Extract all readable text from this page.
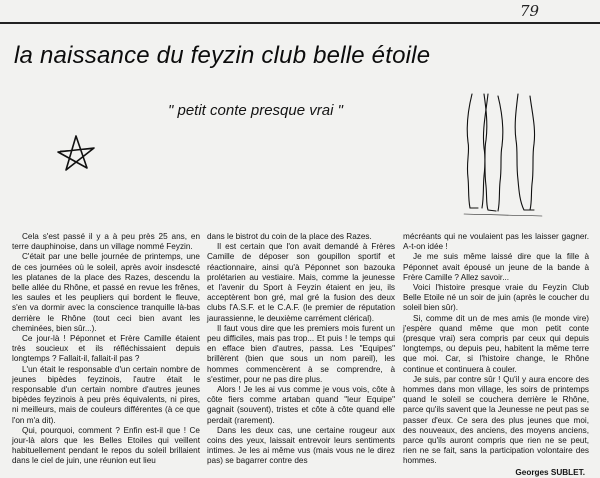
79
la naissance du feyzin club belle étoile
" petit conte presque vrai "

Cela s'est passé il y a à peu près 25 ans, en terre dauphinoise, dans un village nommé Feyzin.

C'était par une belle journée de printemps, une de ces journées où le soleil, après avoir insdescté les platanes de la place des Razes, descendu la belle allée du Rhône, et passé en revue les frênes, les saules et les peupliers qui bordent le fleuve, s'en va dormir avec la conscience tranquille là-bas derrière le Rhône (tout ceci bien avant les cheminées, bien sûr...).

Ce jour-là ! Péponnet et Frère Camille étaient très soucieux et ils réfléchissaient depuis longtemps ? Fallait-il, fallait-il pas ?

L'un était le responsable d'un certain nombre de jeunes bipèdes feyzinois, l'autre était le responsable d'un certain nombre d'autres jeunes bipèdes feyzinois à peu près équivalents, ni pires, ni meilleurs, mais de couleurs différentes (à ce que l'on m'a dit).

Qui, pourquoi, comment ? Enfin est-il que ! Ce jour-là alors que les Belles Etoiles qui veillent habituellement pendant le repos du soleil brillaient dans le ciel de juin, une réunion eut lieu

dans le bistrot du coin de la place des Razes.

Il est certain que l'on avait demandé à Frères Camille de déposer son goupillon sportif et réactionnaire, ainsi qu'à Péponnet son bazouka prolétarien au vestiaire. Mais, comme la jeunesse et l'avenir du Sport à Feyzin étaient en jeu, ils acceptèrent bon gré, mal gré la fusion des deux clubs l'A.S.F. et le C.A.F. (le premier de réputation jaurassienne, le deuxième carrément clérical).

Il faut vous dire que les premiers mois furent un peu difficiles, mais pas trop... Et puis ! le temps qui en efface bien d'autres, passa. Les "Equipes" brillèrent (bien que sous un nom pareil), les hommes commencèrent à se comprendre, à s'estimer, pour ne pas dire plus.

Alors ! Je les ai vus comme je vous vois, côte à côte fiers comme artaban quand "leur Equipe" gagnait (souvent), tristes et côte à côte quand elle perdait (rarement).

Dans les deux cas, une certaine rougeur aux coins des yeux, laissait entrevoir leurs sentiments intimes. Je les ai même vus (mais vous ne le direz pas) se bagarrer contre des

mécréants qui ne voulaient pas les laisser gagner. A-t-on idée !

Je me suis même laissé dire que la fille à Péponnet avait épousé un jeune de la bande à Frère Camille ? Allez savoir...

Voici l'histoire presque vraie du Feyzin Club Belle Etoile né un soir de juin (après le coucher du soleil bien sûr).

Si, comme dit un de mes amis (le monde vire) j'espère quand même que mon petit conte (presque vrai) sera compris par ceux qui depuis longtemps, ou depuis peu, habitent la même terre que moi. Car, si l'histoire change, le Rhône continue et continuera à couler.

Je suis, par contre sûr ! Qu'il y aura encore des hommes dans mon village, les soirs de printemps quand le soleil se couchera derrière le Rhône, parce qu'ils savent que la Jeunesse ne peut pas se passer d'eux. Ce sera des plus jeunes que moi, des nouveaux, des anciens, des moyens anciens, parce qu'ils auront compris que rien ne se peut, rien ne se fait, sans la participation volontaire des hommes.

Georges SUBLET.
